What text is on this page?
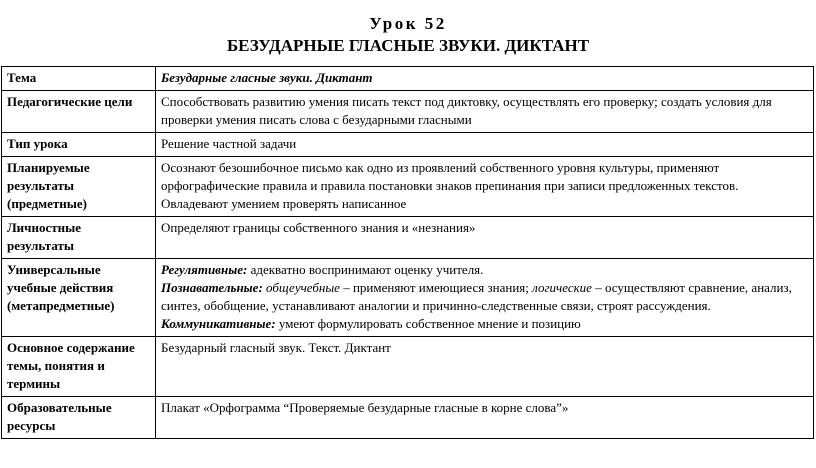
Урок 52
БЕЗУДАРНЫЕ ГЛАСНЫЕ ЗВУКИ. ДИКТАНТ
Тема	Безударные гласные звуки. Диктант
Педагогические цели	Способствовать развитию умения писать текст под диктовку, осуществлять его проверку; создать условия для проверки умения писать слова с безударными гласными
Тип урока	Решение частной задачи
Планируемые результаты (предметные)	Осознают безошибочное письмо как одно из проявлений собственного уровня культуры, применяют орфографические правила и правила постановки знаков препинания при записи предложенных текстов. Овладевают умением проверять написанное
Личностные результаты	Определяют границы собственного знания и «незнания»
Универсальные учебные действия (метапредметные)	Регулятивные: адекватно воспринимают оценку учителя.
Познавательные: общеучебные – применяют имеющиеся знания; логические – осуществляют сравнение, анализ, синтез, обобщение, устанавливают аналогии и причинно-следственные связи, строят рассуждения.
Коммуникативные: умеют формулировать собственное мнение и позицию
Основное содержание темы, понятия и термины	Безударный гласный звук. Текст. Диктант
Образовательные ресурсы	Плакат «Орфограмма “Проверяемые безударные гласные в корне слова”»
